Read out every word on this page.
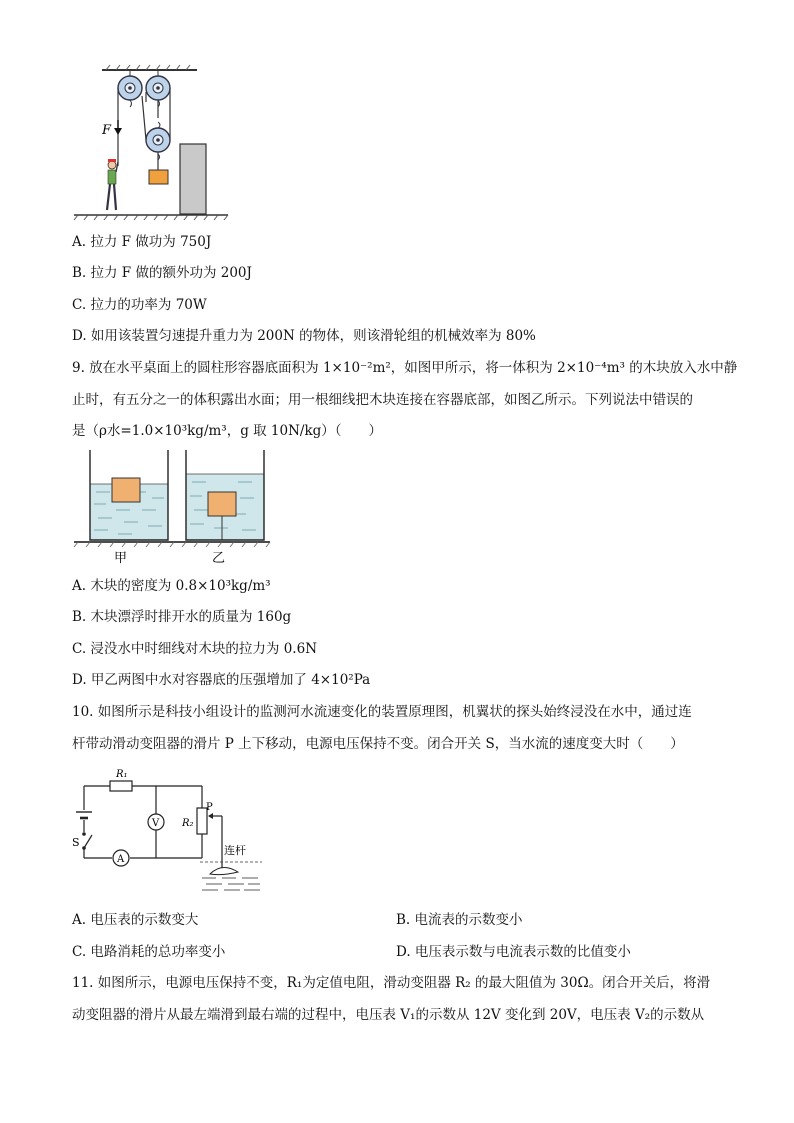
F
A. 拉力 F 做功为 750J
B. 拉力 F 做的额外功为 200J
C. 拉力的功率为 70W
D. 如用该装置匀速提升重力为 200N 的物体，则该滑轮组的机械效率为 80%
9. 放在水平桌面上的圆柱形容器底面积为 1×10⁻²m²，如图甲所示，将一体积为 2×10⁻⁴m³ 的木块放入水中静
止时，有五分之一的体积露出水面；用一根细线把木块连接在容器底部，如图乙所示。下列说法中错误的
是（ρ水=1.0×10³kg/m³，g 取 10N/kg）（　　）
甲	乙
A. 木块的密度为 0.8×10³kg/m³
B. 木块漂浮时排开水的质量为 160g
C. 浸没水中时细线对木块的拉力为 0.6N
D. 甲乙两图中水对容器底的压强增加了 4×10²Pa
10. 如图所示是科技小组设计的监测河水流速变化的装置原理图，机翼状的探头始终浸没在水中，通过连
杆带动滑动变阻器的滑片 P 上下移动，电源电压保持不变。闭合开关 S，当水流的速度变大时（　　）
S
R₁
V
A
R₂
P
连杆
A. 电压表的示数变大	B. 电流表的示数变小
C. 电路消耗的总功率变小	D. 电压表示数与电流表示数的比值变小
11. 如图所示，电源电压保持不变，R₁为定值电阻，滑动变阻器 R₂ 的最大阻值为 30Ω。闭合开关后，将滑
动变阻器的滑片从最左端滑到最右端的过程中，电压表 V₁的示数从 12V 变化到 20V，电压表 V₂的示数从
